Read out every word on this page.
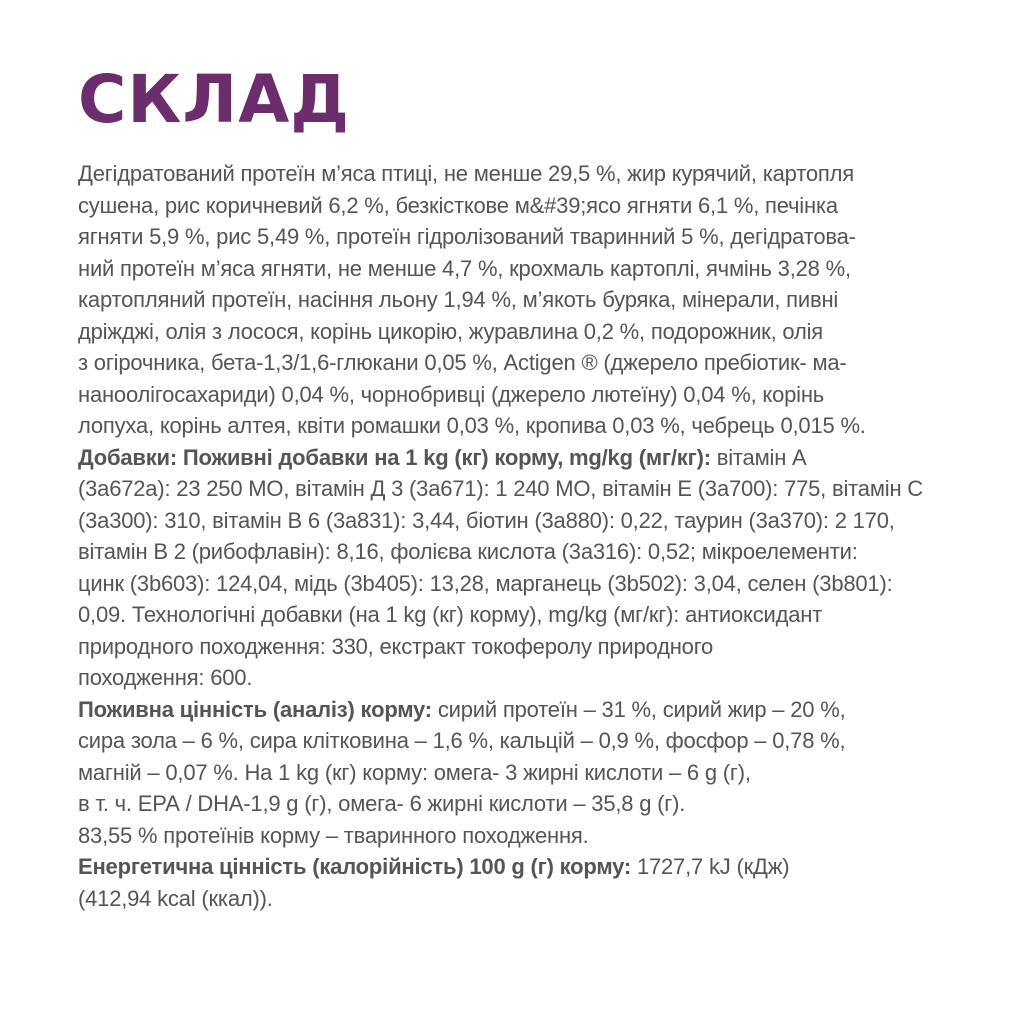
СКЛАД
Дегідратований протеїн м’яса птиці, не менше 29,5 %, жир курячий, картопля
сушена, рис коричневий 6,2 %, безкісткове м&#39;ясо ягняти 6,1 %, печінка
ягняти 5,9 %, рис 5,49 %, протеїн гідролізований тваринний 5 %, дегідратова-
ний протеїн м’яса ягняти, не менше 4,7 %, крохмаль картоплі, ячмінь 3,28 %,
картопляний протеїн, насіння льону 1,94 %, м’якоть буряка, мінерали, пивні
дріжджі, олія з лосося, корінь цикорію, журавлина 0,2 %, подорожник, олія
з огірочника, бета-1,3/1,6-глюкани 0,05 %, Actigen ® (джерело пребіотик- ма-
наноолігосахариди) 0,04 %, чорнобривці (джерело лютеїну) 0,04 %, корінь
лопуха, корінь алтея, квіти ромашки 0,03 %, кропива 0,03 %, чебрець 0,015 %.
Добавки: Поживні добавки на 1 kg (кг) корму, mg/kg (мг/кг): вітамін А
(3а672а): 23 250 МО, вітамін Д 3 (3а671): 1 240 МО, вітамін Е (3а700): 775, вітамін С
(3а300): 310, вітамін В 6 (3а831): 3,44, біотин (3а880): 0,22, таурин (3а370): 2 170,
вітамін В 2 (рибофлавін): 8,16, фолієва кислота (3а316): 0,52; мікроелементи:
цинк (3b603): 124,04, мідь (3b405): 13,28, марганець (3b502): 3,04, селен (3b801):
0,09. Технологічні добавки (на 1 kg (кг) корму), mg/kg (мг/кг): антиоксидант
природного походження: 330, екстракт токоферолу природного
походження: 600.
Поживна цінність (аналіз) корму: сирий протеїн – 31 %, сирий жир – 20 %,
сира зола – 6 %, сира клітковина – 1,6 %, кальцій – 0,9 %, фосфор – 0,78 %,
магній – 0,07 %. На 1 kg (кг) корму: омега- 3 жирні кислоти – 6 g (г),
в т. ч. ЕРА / DHA-1,9 g (г), омега- 6 жирні кислоти – 35,8 g (г).
83,55 % протеїнів корму – тваринного походження.
Енергетична цінність (калорійність) 100 g (г) корму: 1727,7 kJ (кДж)
(412,94 kcal (ккал)).
